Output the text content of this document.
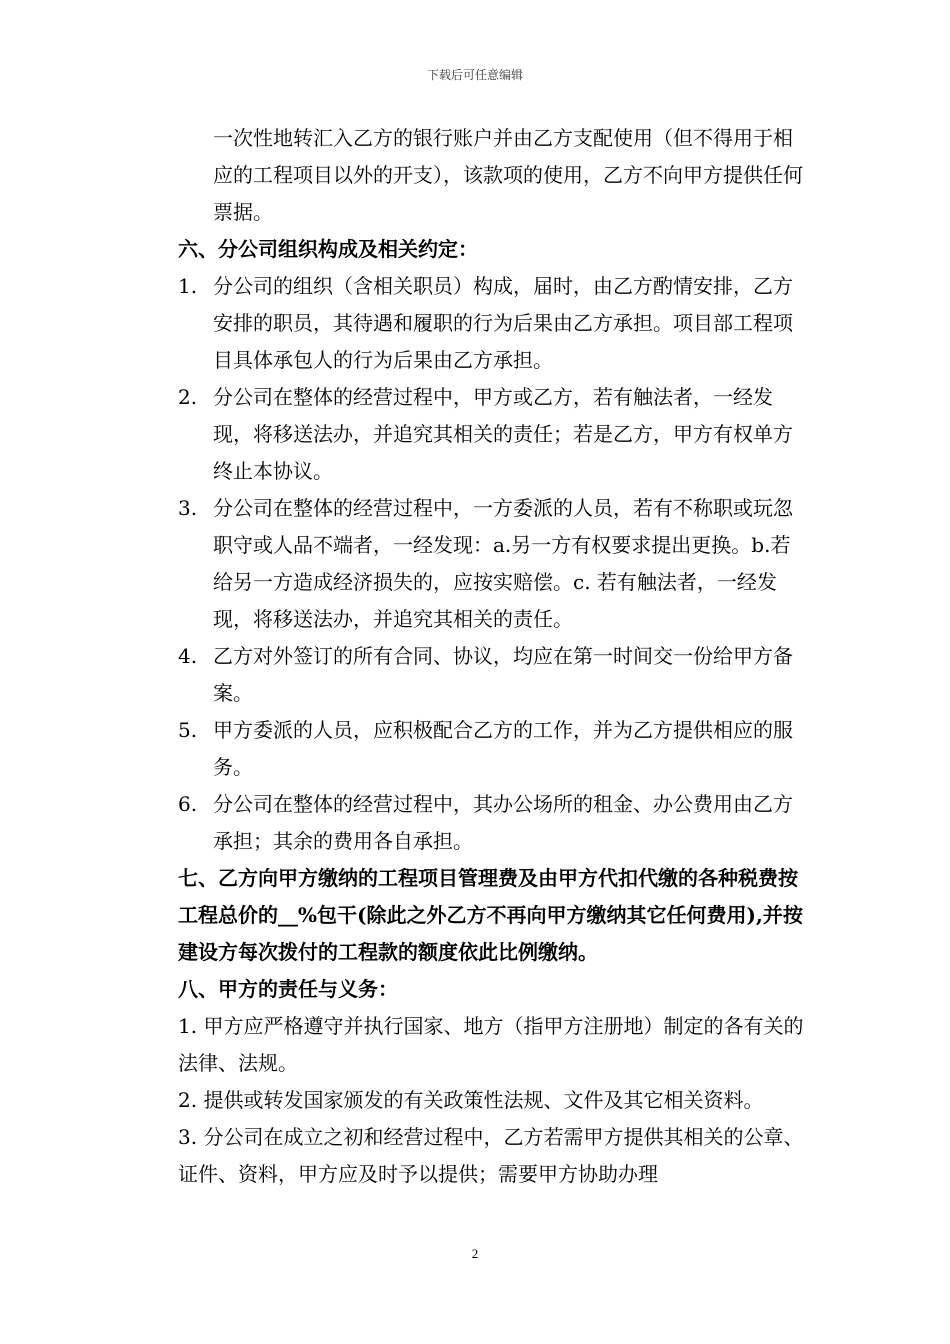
下载后可任意编辑

一次性地转汇入乙方的银行账户并由乙方支配使用（但不得用于相应的工程项目以外的开支），该款项的使用，乙方不向甲方提供任何票据。

六、分公司组织构成及相关约定：

1. 分公司的组织（含相关职员）构成，届时，由乙方酌情安排，乙方安排的职员，其待遇和履职的行为后果由乙方承担。项目部工程项目具体承包人的行为后果由乙方承担。
2. 分公司在整体的经营过程中，甲方或乙方，若有触法者，一经发现，将移送法办，并追究其相关的责任；若是乙方，甲方有权单方终止本协议。
3. 分公司在整体的经营过程中，一方委派的人员，若有不称职或玩忽职守或人品不端者，一经发现：a.另一方有权要求提出更换。b.若给另一方造成经济损失的，应按实赔偿。c. 若有触法者，一经发现，将移送法办，并追究其相关的责任。
4. 乙方对外签订的所有合同、协议，均应在第一时间交一份给甲方备案。
5. 甲方委派的人员，应积极配合乙方的工作，并为乙方提供相应的服务。
6. 分公司在整体的经营过程中，其办公场所的租金、办公费用由乙方承担；其余的费用各自承担。

七、乙方向甲方缴纳的工程项目管理费及由甲方代扣代缴的各种税费按工程总价的__%包干(除此之外乙方不再向甲方缴纳其它任何费用),并按建设方每次拨付的工程款的额度依此比例缴纳。

八、甲方的责任与义务：

1. 甲方应严格遵守并执行国家、地方（指甲方注册地）制定的各有关的法律、法规。

2. 提供或转发国家颁发的有关政策性法规、文件及其它相关资料。

3. 分公司在成立之初和经营过程中，乙方若需甲方提供其相关的公章、证件、资料，甲方应及时予以提供；需要甲方协助办理

2
